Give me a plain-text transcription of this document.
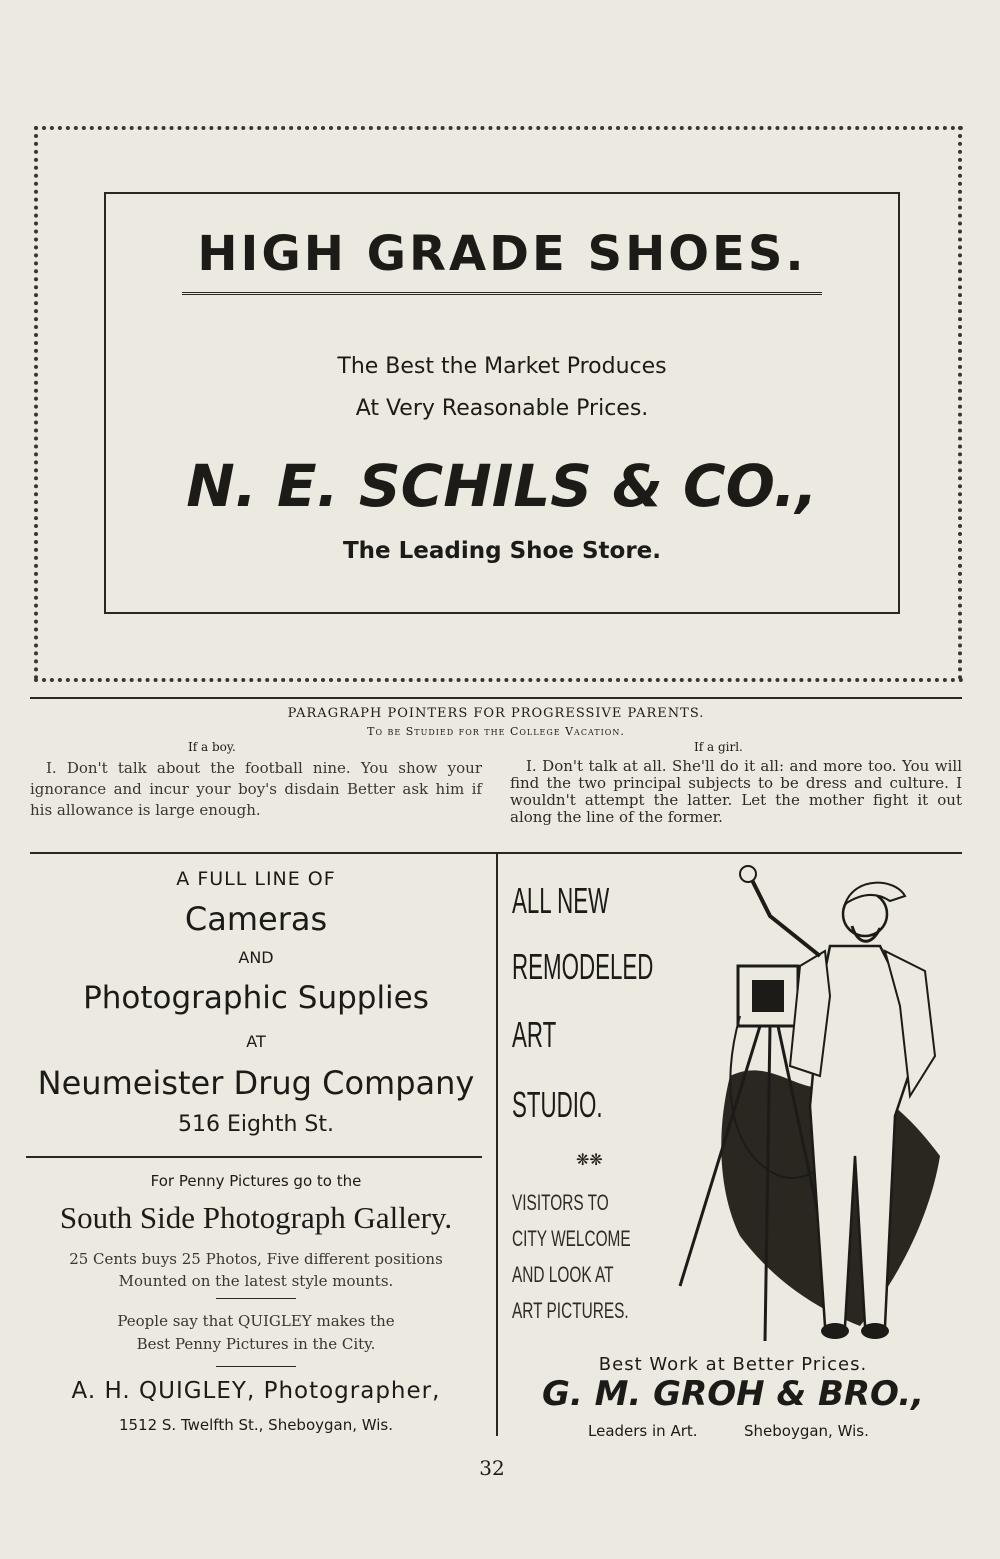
HIGH GRADE SHOES.
The Best the Market Produces
At Very Reasonable Prices.
N. E. SCHILS & CO.,
The Leading Shoe Store.
PARAGRAPH POINTERS FOR PROGRESSIVE PARENTS.
To be Studied for the College Vacation.
If a boy.
I. Don't talk about the football nine. You show your ignorance and incur your boy's disdain Better ask him if his allowance is large enough.
If a girl.
I. Don't talk at all. She'll do it all: and more too. You will find the two principal subjects to be dress and culture. I wouldn't attempt the latter. Let the mother fight it out along the line of the former.
A FULL LINE OF
Cameras
AND
Photographic Supplies
AT
Neumeister Drug Company
516 Eighth St.
For Penny Pictures go to the
South Side Photograph Gallery.
25 Cents buys 25 Photos, Five different positions
Mounted on the latest style mounts.
People say that QUIGLEY makes the
Best Penny Pictures in the City.
A. H. QUIGLEY, Photographer,
1512 S. Twelfth St., Sheboygan, Wis.
ALL NEW
REMODELED
ART
STUDIO.
❋❋
VISITORS TO
CITY WELCOME
AND LOOK AT
ART PICTURES.
Best Work at Better Prices.
G. M. GROH & BRO.,
Leaders in Art.	Sheboygan, Wis.
32
